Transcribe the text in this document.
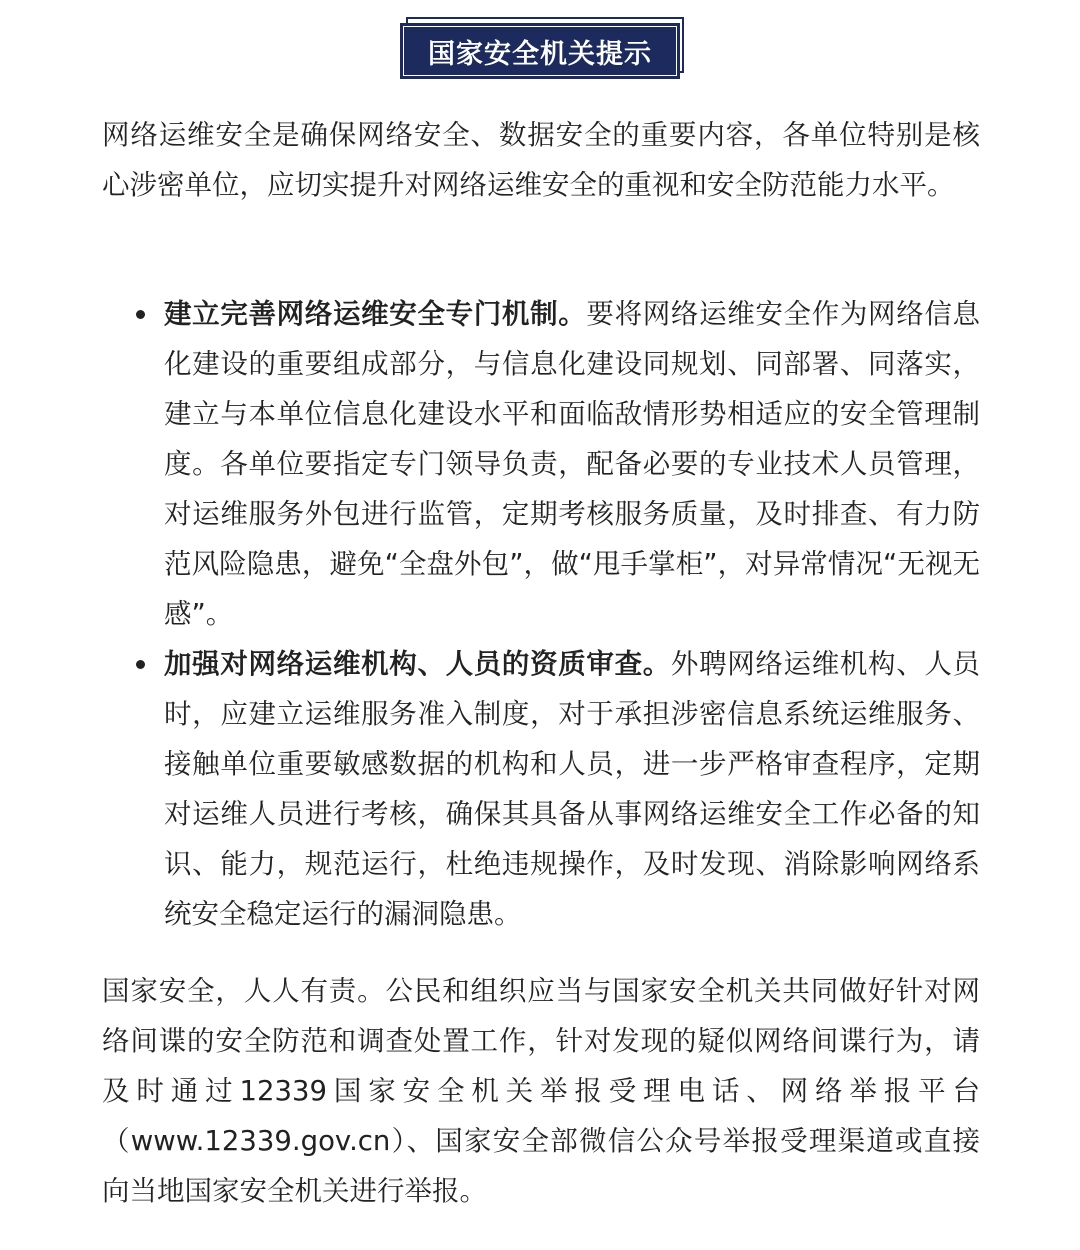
国家安全机关提示

网络运维安全是确保网络安全、数据安全的重要内容，各单位特别是核心涉密单位，应切实提升对网络运维安全的重视和安全防范能力水平。

建立完善网络运维安全专门机制。要将网络运维安全作为网络信息化建设的重要组成部分，与信息化建设同规划、同部署、同落实，建立与本单位信息化建设水平和面临敌情形势相适应的安全管理制度。各单位要指定专门领导负责，配备必要的专业技术人员管理，对运维服务外包进行监管，定期考核服务质量，及时排查、有力防范风险隐患，避免“全盘外包”，做“甩手掌柜”，对异常情况“无视无感”。
加强对网络运维机构、人员的资质审查。外聘网络运维机构、人员时，应建立运维服务准入制度，对于承担涉密信息系统运维服务、接触单位重要敏感数据的机构和人员，进一步严格审查程序，定期对运维人员进行考核，确保其具备从事网络运维安全工作必备的知识、能力，规范运行，杜绝违规操作，及时发现、消除影响网络系统安全稳定运行的漏洞隐患。

国家安全，人人有责。公民和组织应当与国家安全机关共同做好针对网络间谍的安全防范和调查处置工作，针对发现的疑似网络间谍行为，请及时通过12339国家安全机关举报受理电话、网络举报平台（www.12339.gov.cn）、国家安全部微信公众号举报受理渠道或直接向当地国家安全机关进行举报。
